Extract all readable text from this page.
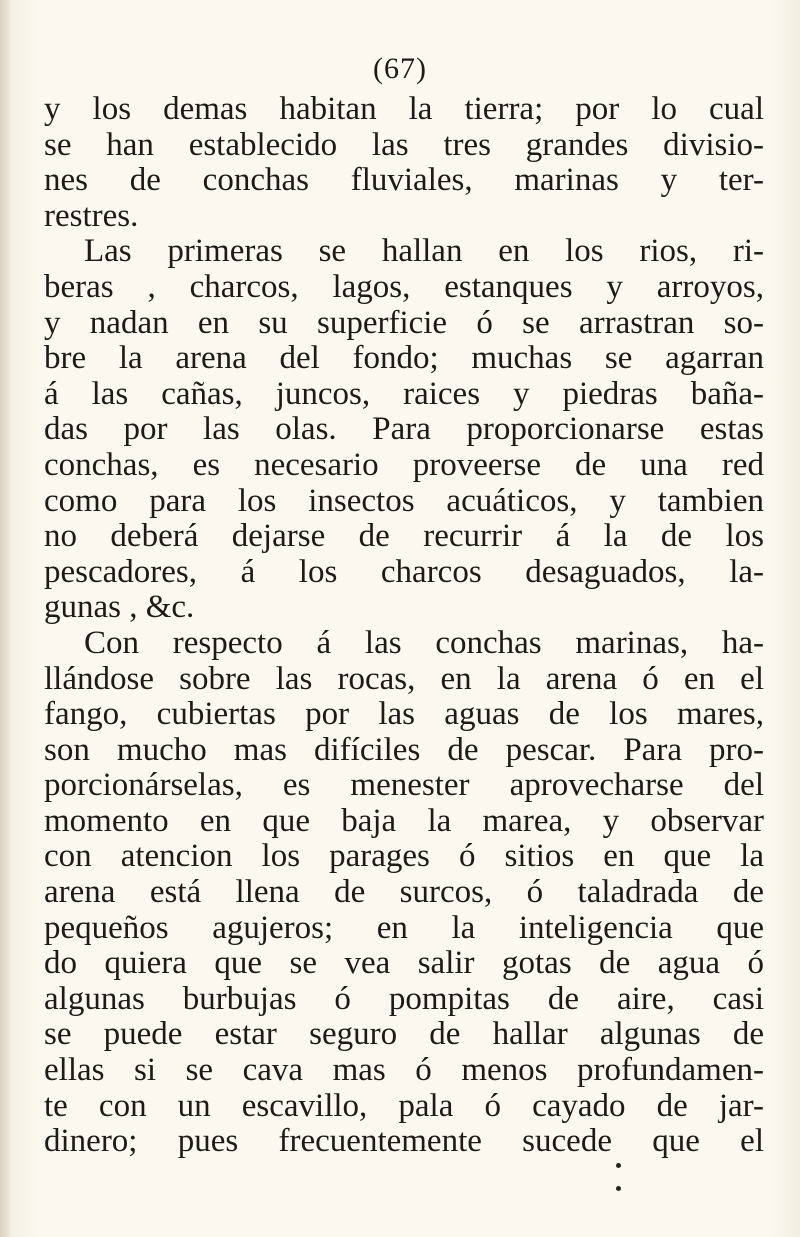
(67)
y los demas habitan la tierra; por lo cual
se han establecido las tres grandes divisio-
nes de conchas fluviales, marinas y ter-
restres.
Las primeras se hallan en los rios, ri-
beras , charcos, lagos, estanques y arroyos,
y nadan en su superficie ó se arrastran so-
bre la arena del fondo; muchas se agarran
á las cañas, juncos, raices y piedras baña-
das por las olas. Para proporcionarse estas
conchas, es necesario proveerse de una red
como para los insectos acuáticos, y tambien
no deberá dejarse de recurrir á la de los
pescadores, á los charcos desaguados, la-
gunas , &c.
Con respecto á las conchas marinas, ha-
llándose sobre las rocas, en la arena ó en el
fango, cubiertas por las aguas de los mares,
son mucho mas difíciles de pescar. Para pro-
porcionárselas, es menester aprovecharse del
momento en que baja la marea, y observar
con atencion los parages ó sitios en que la
arena está llena de surcos, ó taladrada de
pequeños agujeros; en la inteligencia que
do quiera que se vea salir gotas de agua ó
algunas burbujas ó pompitas de aire, casi
se puede estar seguro de hallar algunas de
ellas si se cava mas ó menos profundamen-
te con un escavillo, pala ó cayado de jar-
dinero; pues frecuentemente sucede que el
